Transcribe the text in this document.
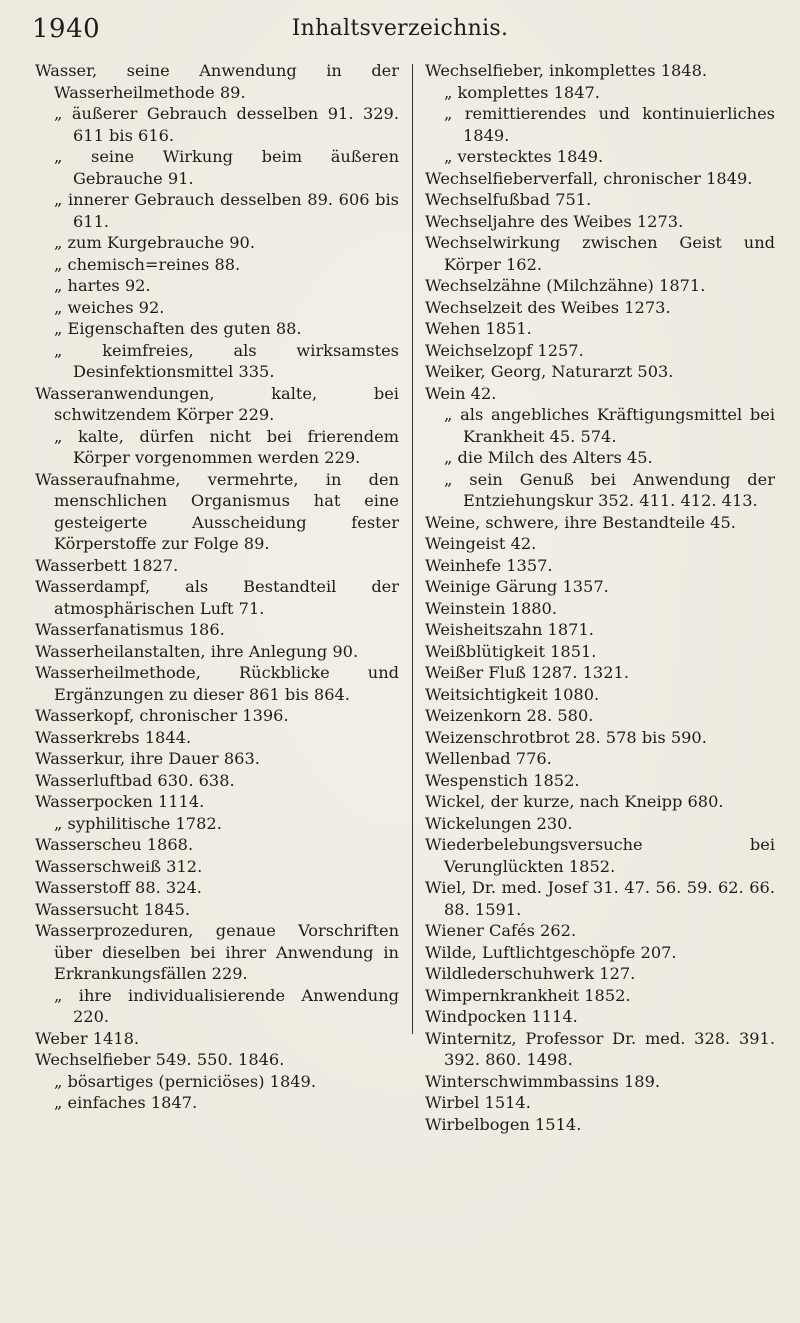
1940	Inhaltsverzeichnis.

Wasser, seine Anwendung in der Wasserheilmethode 89.

„ äußerer Gebrauch desselben 91. 329. 611 bis 616.

„ seine Wirkung beim äußeren Gebrauche 91.

„ innerer Gebrauch desselben 89. 606 bis 611.

„ zum Kurgebrauche 90.

„ chemisch=reines 88.

„ hartes 92.

„ weiches 92.

„ Eigenschaften des guten 88.

„ keimfreies, als wirksamstes Desinfektionsmittel 335.

Wasseranwendungen, kalte, bei schwitzendem Körper 229.

„ kalte, dürfen nicht bei frierendem Körper vorgenommen werden 229.

Wasseraufnahme, vermehrte, in den menschlichen Organismus hat eine gesteigerte Ausscheidung fester Körperstoffe zur Folge 89.

Wasserbett 1827.

Wasserdampf, als Bestandteil der atmosphärischen Luft 71.

Wasserfanatismus 186.

Wasserheilanstalten, ihre Anlegung 90.

Wasserheilmethode, Rückblicke und Ergänzungen zu dieser 861 bis 864.

Wasserkopf, chronischer 1396.

Wasserkrebs 1844.

Wasserkur, ihre Dauer 863.

Wasserluftbad 630. 638.

Wasserpocken 1114.

„ syphilitische 1782.

Wasserscheu 1868.

Wasserschweiß 312.

Wasserstoff 88. 324.

Wassersucht 1845.

Wasserprozeduren, genaue Vorschriften über dieselben bei ihrer Anwendung in Erkrankungsfällen 229.

„ ihre individualisierende Anwendung 220.

Weber 1418.

Wechselfieber 549. 550. 1846.

„ bösartiges (perniciöses) 1849.

„ einfaches 1847.

Wechselfieber, inkomplettes 1848.

„ komplettes 1847.

„ remittierendes und kontinuierliches 1849.

„ verstecktes 1849.

Wechselfieberverfall, chronischer 1849.

Wechselfußbad 751.

Wechseljahre des Weibes 1273.

Wechselwirkung zwischen Geist und Körper 162.

Wechselzähne (Milchzähne) 1871.

Wechselzeit des Weibes 1273.

Wehen 1851.

Weichselzopf 1257.

Weiker, Georg, Naturarzt 503.

Wein 42.

„ als angebliches Kräftigungsmittel bei Krankheit 45. 574.

„ die Milch des Alters 45.

„ sein Genuß bei Anwendung der Entziehungskur 352. 411. 412. 413.

Weine, schwere, ihre Bestandteile 45.

Weingeist 42.

Weinhefe 1357.

Weinige Gärung 1357.

Weinstein 1880.

Weisheitszahn 1871.

Weißblütigkeit 1851.

Weißer Fluß 1287. 1321.

Weitsichtigkeit 1080.

Weizenkorn 28. 580.

Weizenschrotbrot 28. 578 bis 590.

Wellenbad 776.

Wespenstich 1852.

Wickel, der kurze, nach Kneipp 680.

Wickelungen 230.

Wiederbelebungsversuche bei Verunglückten 1852.

Wiel, Dr. med. Josef 31. 47. 56. 59. 62. 66. 88. 1591.

Wiener Cafés 262.

Wilde, Luftlichtgeschöpfe 207.

Wildlederschuhwerk 127.

Wimpernkrankheit 1852.

Windpocken 1114.

Winternitz, Professor Dr. med. 328. 391. 392. 860. 1498.

Winterschwimmbassins 189.

Wirbel 1514.

Wirbelbogen 1514.
